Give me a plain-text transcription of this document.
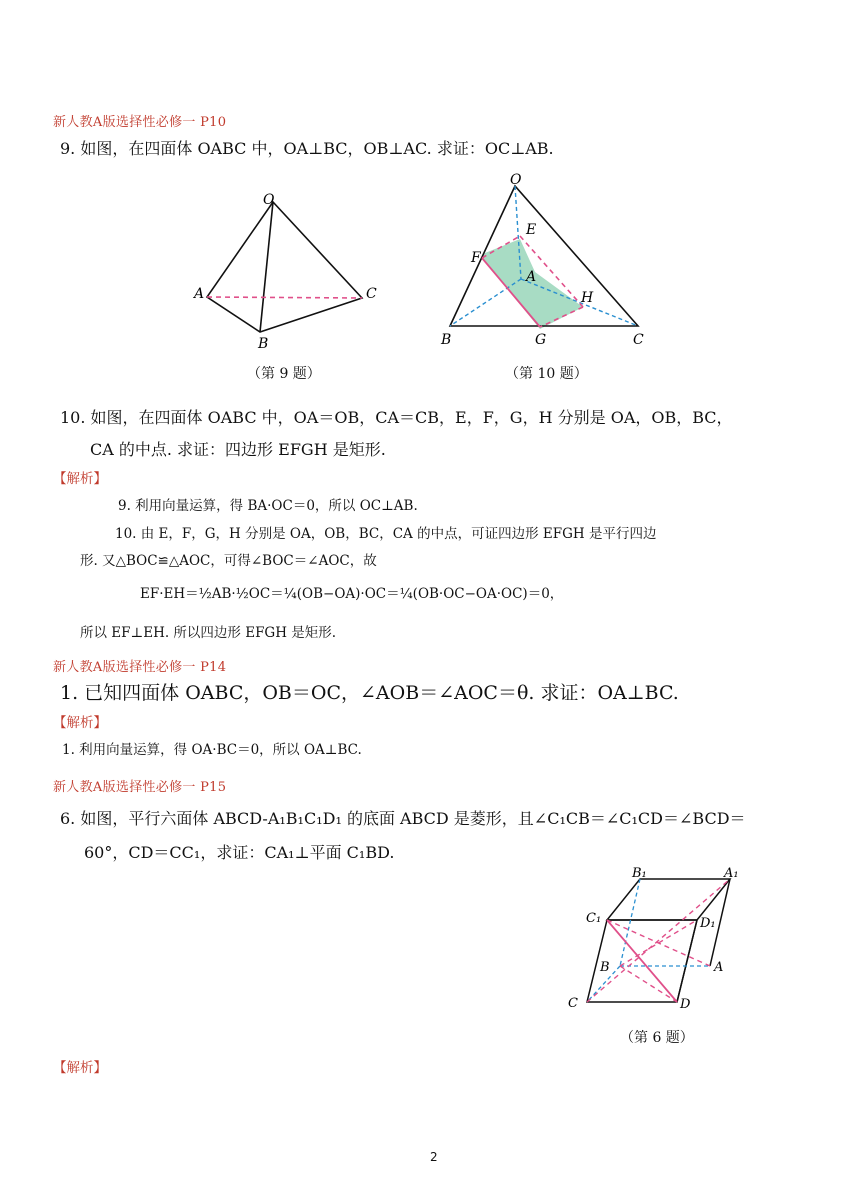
新人教A版选择性必修一 P10
9. 如图，在四面体 OABC 中，OA⊥BC，OB⊥AC. 求证：OC⊥AB.
O
A
B
C
（第 9 题）
O
E
F
A
H
B	G	C
（第 10 题）
10. 如图，在四面体 OABC 中，OA＝OB，CA＝CB，E，F，G，H 分别是 OA，OB，BC，
CA 的中点. 求证：四边形 EFGH 是矩形.
【解析】
9. 利用向量运算，得 BA·OC＝0，所以 OC⊥AB.
10. 由 E，F，G，H 分别是 OA，OB，BC，CA 的中点，可证四边形 EFGH 是平行四边
形. 又△BOC≌△AOC，可得∠BOC＝∠AOC，故
EF·EH＝½AB·½OC＝¼(OB−OA)·OC＝¼(OB·OC−OA·OC)＝0，
所以 EF⊥EH. 所以四边形 EFGH 是矩形.
新人教A版选择性必修一 P14
1. 已知四面体 OABC，OB＝OC，∠AOB＝∠AOC＝θ. 求证：OA⊥BC.
【解析】
1. 利用向量运算，得 OA·BC＝0，所以 OA⊥BC.
新人教A版选择性必修一 P15
6. 如图，平行六面体 ABCD-A₁B₁C₁D₁ 的底面 ABCD 是菱形，且∠C₁CB＝∠C₁CD＝∠BCD＝
60°，CD＝CC₁，求证：CA₁⊥平面 C₁BD.
B₁	A₁
C₁	D₁
B	A
C	D
（第 6 题）
【解析】
2
